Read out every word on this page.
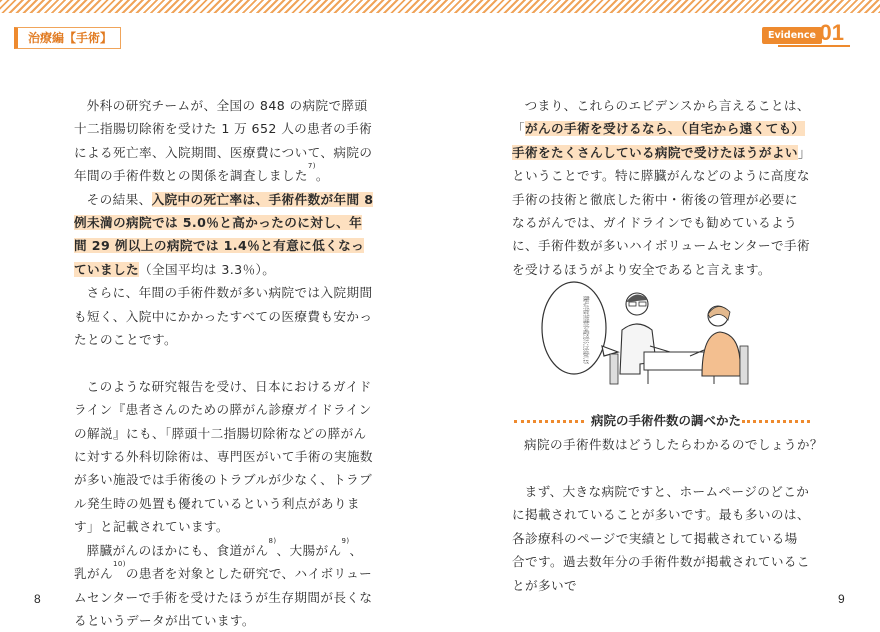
治療編【手術】	Evidence 01

外科の研究チームが、全国の 848 の病院で膵頭十二指腸切除術を受けた 1 万 652 人の患者の手術による死亡率、入院期間、医療費について、病院の年間の手術件数との関係を調査しました$^{7)}$。

その結果、入院中の死亡率は、手術件数が年間 8 例未満の病院では 5.0％と高かったのに対し、年間 29 例以上の病院では 1.4％と有意に低くなっていました（全国平均は 3.3％）。

さらに、年間の手術件数が多い病院では入院期間も短く、入院中にかかったすべての医療費も安かったとのことです。

このような研究報告を受け、日本におけるガイドライン『患者さんのための膵がん診療ガイドラインの解説』にも、「膵頭十二指腸切除術などの膵がんに対する外科切除術は、専門医がいて手術の実施数が多い施設では手術後のトラブルが少なく、トラブル発生時の処置も優れているという利点があります」と記載されています。

膵臓がんのほかにも、食道がん$^{8)}$、大腸がん$^{9)}$、乳がん$^{10)}$の患者を対象とした研究で、ハイボリュームセンターで手術を受けたほうが生存期間が長くなるというデータが出ています。

8

つまり、これらのエビデンスから言えることは、「がんの手術を受けるなら、（自宅から遠くても）手術をたくさんしている病院で受けたほうがよい」ということです。特に膵臓がんなどのように高度な手術の技術と徹底した術中・術後の管理が必要になるがんでは、ガイドラインでも勧めているように、手術件数が多いハイボリュームセンターで手術を受けるほうがより安全であると言えます。

膵臓がんの手術は手術件数の多い病院で受けることをお勧めします 病院の手術件数の調べかた
病院の手術件数はどうしたらわかるのでしょうか？

まず、大きな病院ですと、ホームページのどこかに掲載されていることが多いです。最も多いのは、各診療科のページで実績として掲載されている場合です。過去数年分の手術件数が掲載されていることが多いで

9
